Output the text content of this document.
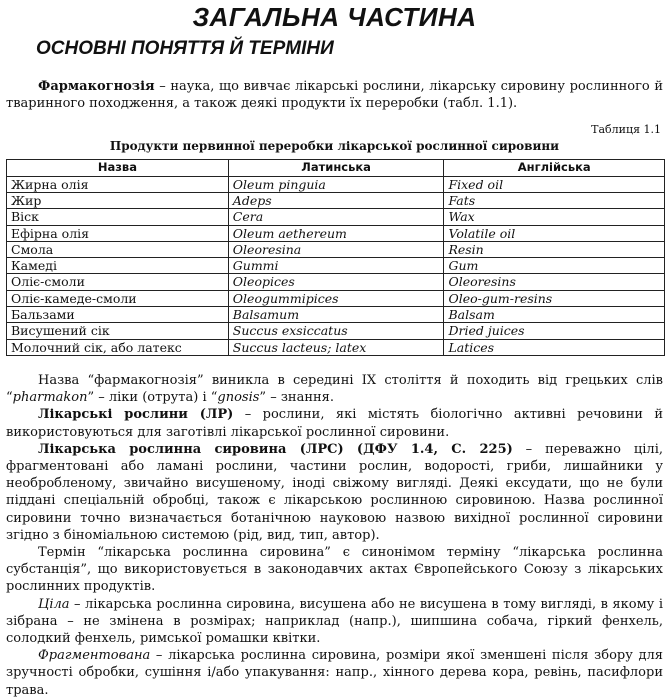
ЗАГАЛЬНА ЧАСТИНА
ОСНОВНІ ПОНЯТТЯ Й ТЕРМІНИ

Фармакогнозія – наука, що вивчає лікарські рослини, лікарську сировину рослинного й тваринного походження, а також деякі продукти їх переробки (табл. 1.1).

Таблиця 1.1
Продукти первинної переробки лікарської рослинної сировини
Назва	Латинська	Англійська
Жирна олія	Oleum pinguia	Fixed oil
Жир	Adeps	Fats
Віск	Cera	Wax
Ефірна олія	Oleum aethereum	Volatile oil
Смола	Oleoresina	Resin
Камеді	Gummi	Gum
Оліє-смоли	Oleopices	Oleoresins
Оліє-камеде-смоли	Oleogummipices	Oleo-gum-resins
Бальзами	Balsamum	Balsam
Висушений сік	Succus exsiccatus	Dried juices
Молочний сік, або латекс	Succus lacteus; latex	Latices

Назва “фармакогнозія” виникла в середині IX століття й походить від грецьких слів “pharmakon” – ліки (отрута) і “gnosis” – знання.

Лікарські рослини (ЛР) – рослини, які містять біологічно активні речовини й використовуються для заготівлі лікарської рослинної сировини.

Лікарська рослинна сировина (ЛРС) (ДФУ 1.4, С. 225) – переважно цілі, фрагментовані або ламані рослини, частини рослин, водорості, гриби, лишайники у необробленому, звичайно висушеному, іноді свіжому вигляді. Деякі ексудати, що не були піддані спеціальній обробці, також є лікарською рослинною сировиною. Назва рослинної сировини точно визначається ботанічною науковою назвою вихідної рослинної сировини згідно з біноміальною системою (рід, вид, тип, автор).

Термін “лікарська рослинна сировина” є синонімом терміну “лікарська рослинна субстанція”, що використовується в законодавчих актах Європейського Союзу з лікарських рослинних продуктів.

Ціла – лікарська рослинна сировина, висушена або не висушена в тому вигляді, в якому і зібрана – не змінена в розмірах; наприклад (напр.), шипшина собача, гіркий фенхель, солодкий фенхель, римської ромашки квітки.

Фрагментована – лікарська рослинна сировина, розміри якої зменшені після збору для зручності обробки, сушіння і/або упакування: напр., хінного дерева кора, ревінь, пасифлори трава.
